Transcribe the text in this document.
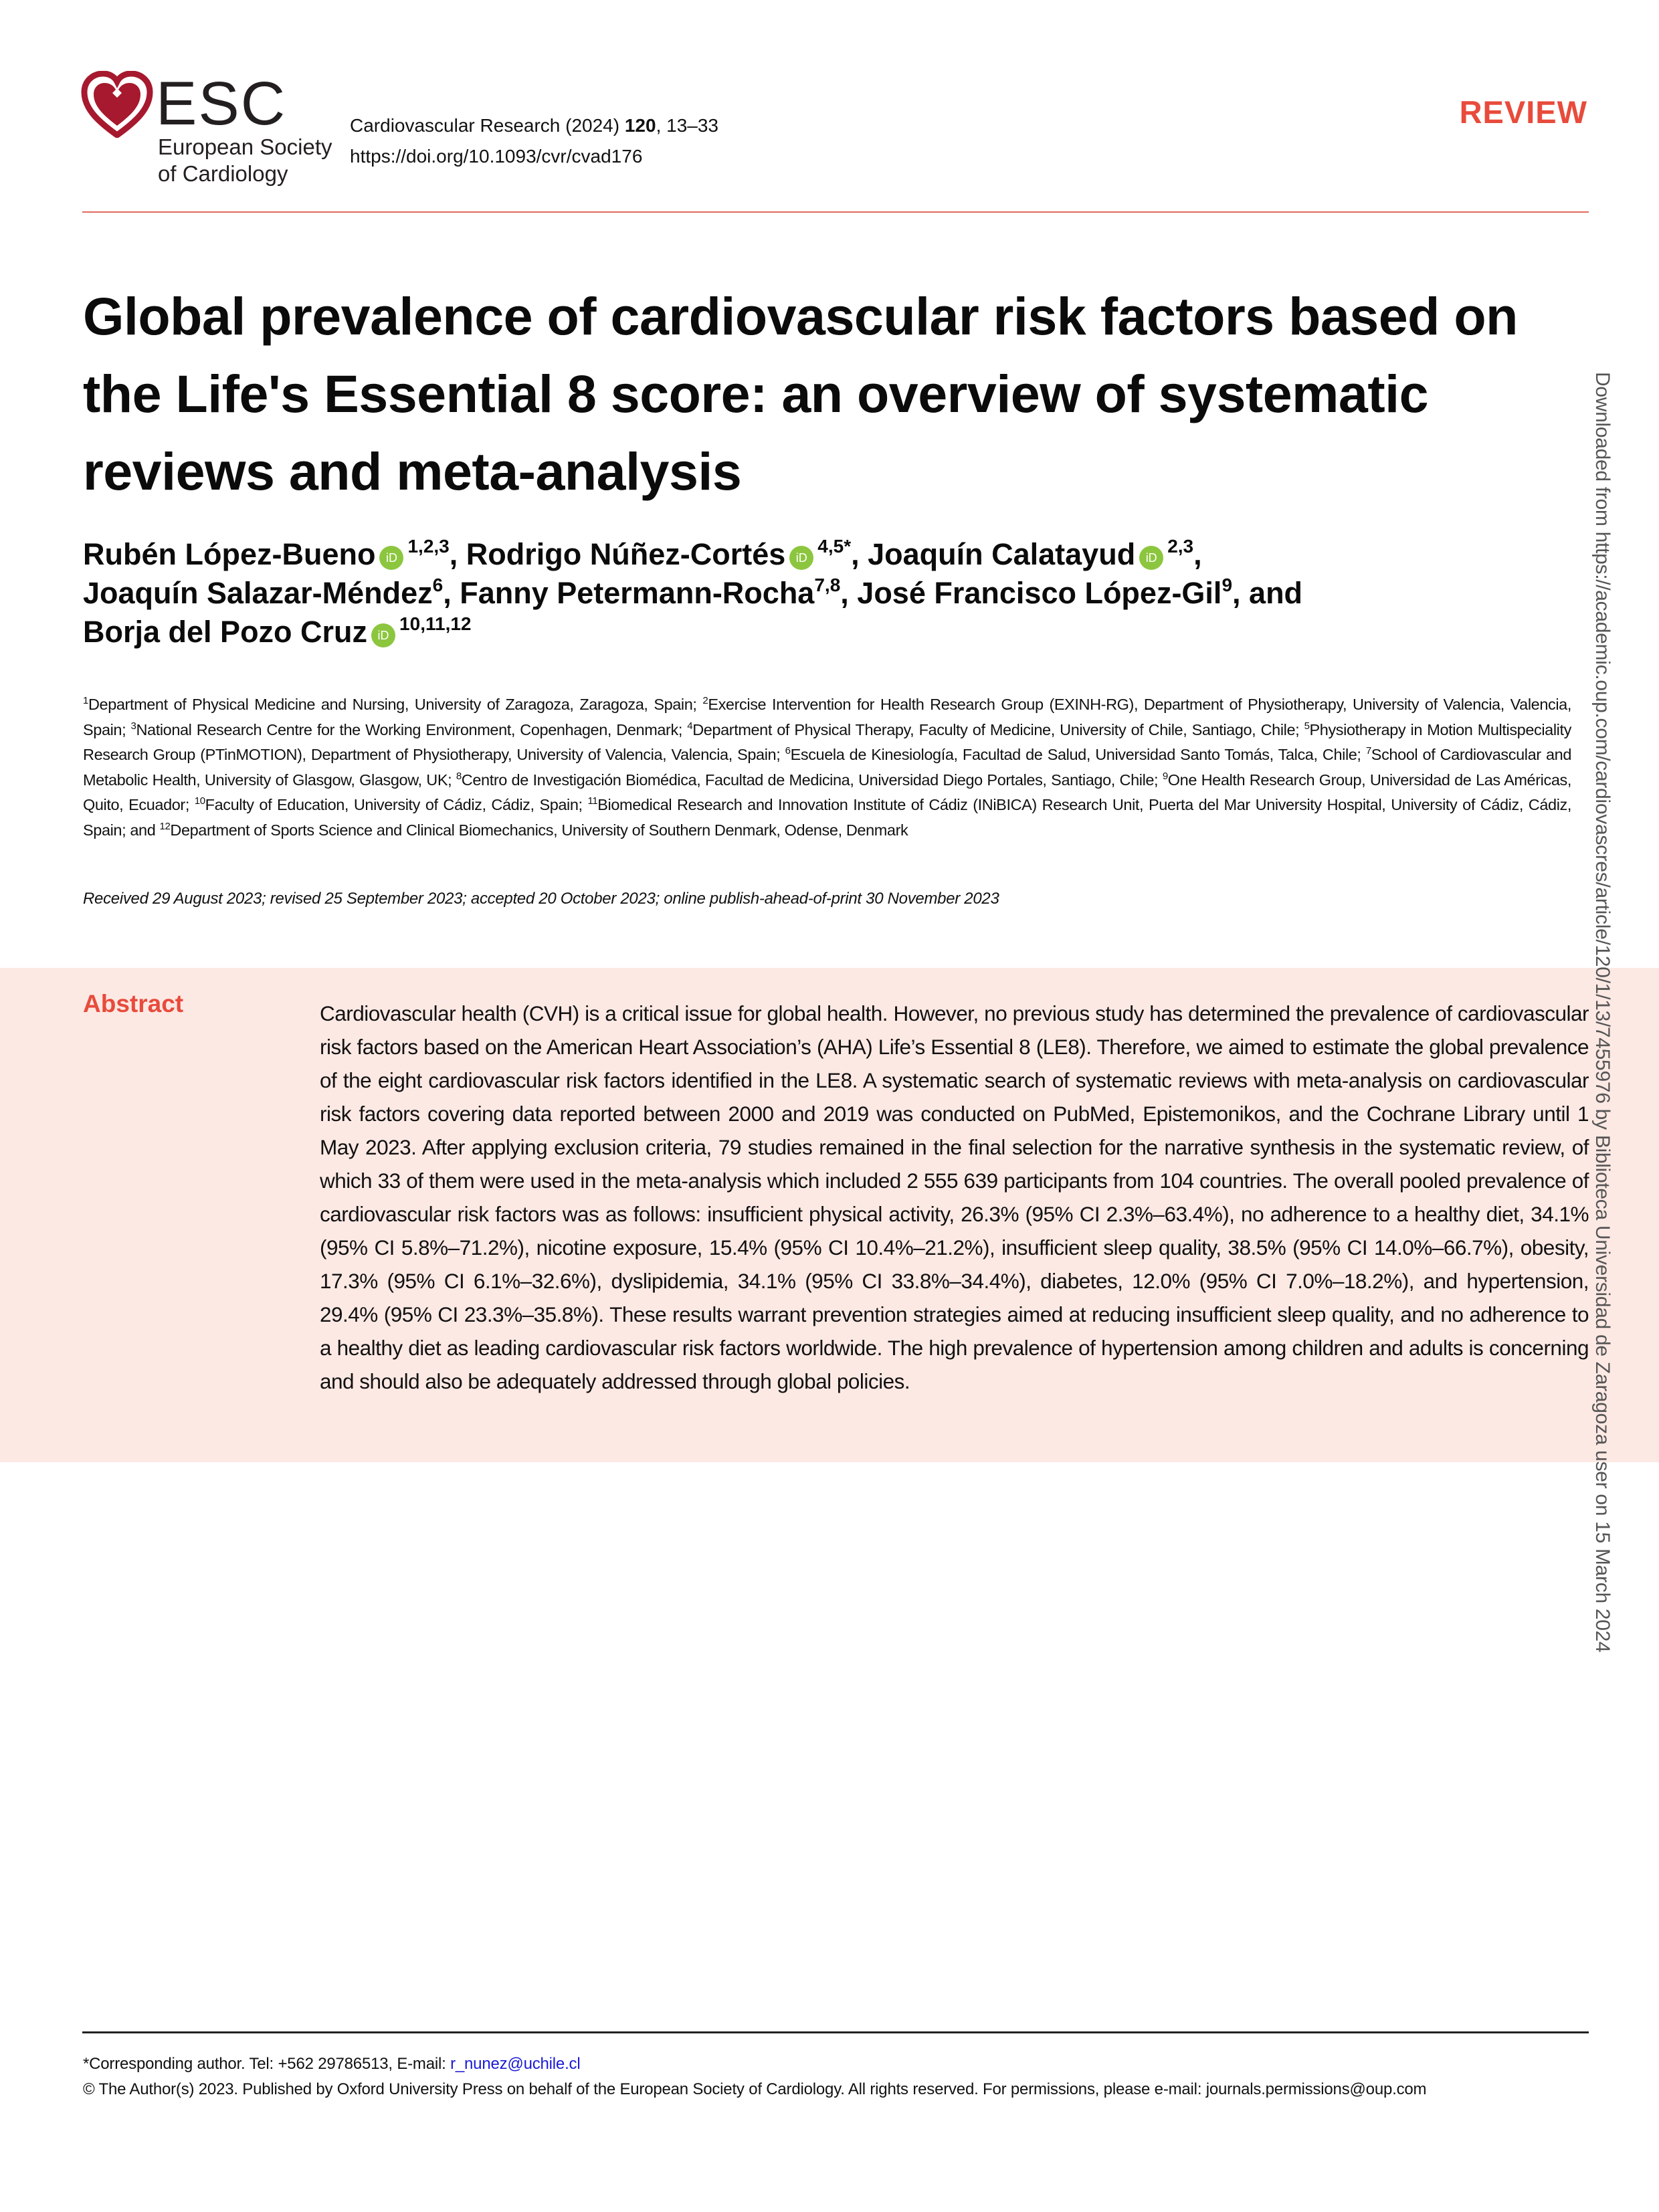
ESC
European Society
of Cardiology
Cardiovascular Research (2024) 120, 13–33
https://doi.org/10.1093/cvr/cvad176
REVIEW
Global prevalence of cardiovascular risk factors based on the Life's Essential 8 score: an overview of systematic reviews and meta-analysis
Rubén López-Bueno iD$^{1,2,3}$, Rodrigo Núñez-Cortés $iD^{4,5*}$, Joaquín Calatayud iD$^{2,3}$,
Joaquín Salazar-Méndez$^6$, Fanny Petermann-Rocha$^{7,8}$, José Francisco López-Gil$^9$, and
Borja del Pozo Cruz iD$^{10,11,12}$
$^1$Department of Physical Medicine and Nursing, University of Zaragoza, Zaragoza, Spain; $^2$Exercise Intervention for Health Research Group (EXINH-RG), Department of Physiotherapy, University of Valencia, Valencia, Spain; $^3$National Research Centre for the Working Environment, Copenhagen, Denmark; $^4$Department of Physical Therapy, Faculty of Medicine, University of Chile, Santiago, Chile; $^5$Physiotherapy in Motion Multispeciality Research Group (PTinMOTION), Department of Physiotherapy, University of Valencia, Valencia, Spain; $^6$Escuela de Kinesiología, Facultad de Salud, Universidad Santo Tomás, Talca, Chile; $^7$School of Cardiovascular and Metabolic Health, University of Glasgow, Glasgow, UK; $^8$Centro de Investigación Biomédica, Facultad de Medicina, Universidad Diego Portales, Santiago, Chile; $^9$One Health Research Group, Universidad de Las Américas, Quito, Ecuador; $^{10}$Faculty of Education, University of Cádiz, Cádiz, Spain; $^{11}$Biomedical Research and Innovation Institute of Cádiz (INiBICA) Research Unit, Puerta del Mar University Hospital, University of Cádiz, Cádiz, Spain; and $^{12}$Department of Sports Science and Clinical Biomechanics, University of Southern Denmark, Odense, Denmark
Received 29 August 2023; revised 25 September 2023; accepted 20 October 2023; online publish-ahead-of-print 30 November 2023
Abstract	Cardiovascular health (CVH) is a critical issue for global health. However, no previous study has determined the prevalence of cardiovascular risk factors based on the American Heart Association’s (AHA) Life’s Essential 8 (LE8). Therefore, we aimed to estimate the global prevalence of the eight cardiovascular risk factors identified in the LE8. A systematic search of systematic reviews with meta-analysis on cardiovascular risk factors covering data reported between 2000 and 2019 was conducted on PubMed, Epistemonikos, and the Cochrane Library until 1 May 2023. After applying exclusion criteria, 79 studies remained in the final selection for the narrative synthesis in the systematic review, of which 33 of them were used in the meta-analysis which included 2 555 639 participants from 104 countries. The overall pooled prevalence of cardiovascular risk factors was as follows: insufficient physical activity, 26.3% (95% CI 2.3%–63.4%), no adherence to a healthy diet, 34.1% (95% CI 5.8%–71.2%), nicotine exposure, 15.4% (95% CI 10.4%–21.2%), insufficient sleep quality, 38.5% (95% CI 14.0%–66.7%), obesity, 17.3% (95% CI 6.1%–32.6%), dyslipidemia, 34.1% (95% CI 33.8%–34.4%), diabetes, 12.0% (95% CI 7.0%–18.2%), and hypertension, 29.4% (95% CI 23.3%–35.8%). These results warrant prevention strategies aimed at reducing insufficient sleep quality, and no adherence to a healthy diet as leading cardiovascular risk factors worldwide. The high prevalence of hypertension among children and adults is concerning and should also be adequately addressed through global policies.	Downloaded from https://academic.oup.com/cardiovascres/article/120/1/13/7455976 by Biblioteca Universidad de Zaragoza user on 15 March 2024
*Corresponding author. Tel: +562 29786513, E-mail: r_nunez@uchile.cl
© The Author(s) 2023. Published by Oxford University Press on behalf of the European Society of Cardiology. All rights reserved. For permissions, please e-mail: journals.permissions@oup.com
